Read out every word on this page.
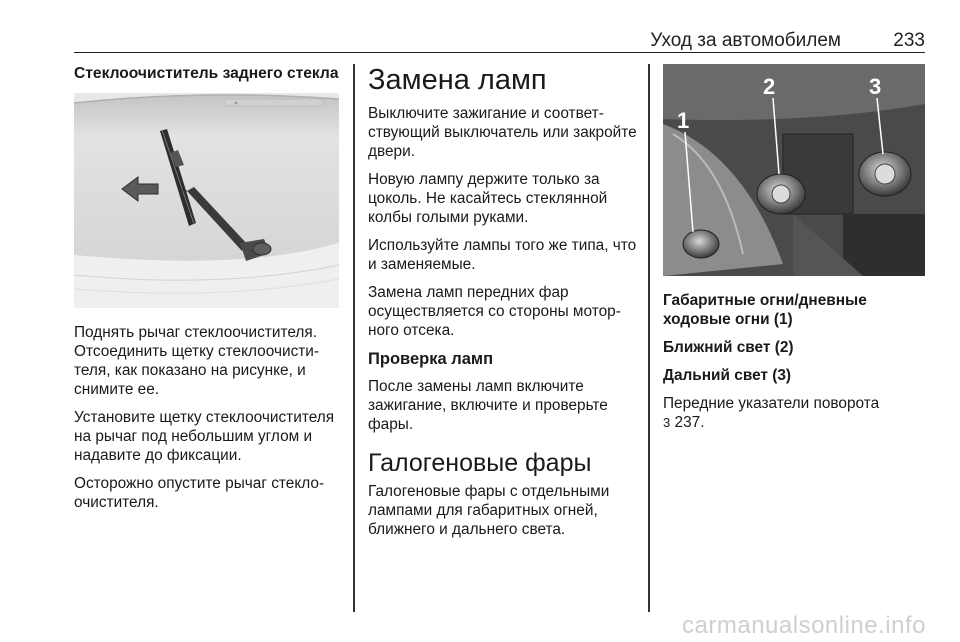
Уход за автомобилем	233
Стеклоочиститель заднего стекла

Поднять рычаг стеклоочистителя. Отсоединить щетку стеклоочистителя, как показано на рисунке, и снимите ее.

Установите щетку стеклоочистителя на рычаг под небольшим углом и надавите до фиксации.

Осторожно опустите рычаг стеклоочистителя.

Замена ламп

Выключите зажигание и соответствующий выключатель или закройте двери.

Новую лампу держите только за цоколь. Не касайтесь стеклянной колбы голыми руками.

Используйте лампы того же типа, что и заменяемые.

Замена ламп передних фар осуществляется со стороны моторного отсека.

Проверка ламп

После замены ламп включите зажигание, включите и проверьте фары.

Галогеновые фары

Галогеновые фары с отдельными лампами для габаритных огней, ближнего и дальнего света.

1
2	3
Габаритные огни/дневные ходовые огни (1)
Ближний свет (2)
Дальний свет (3)

Передние указатели поворота
3 237.

carmanualsonline.info
